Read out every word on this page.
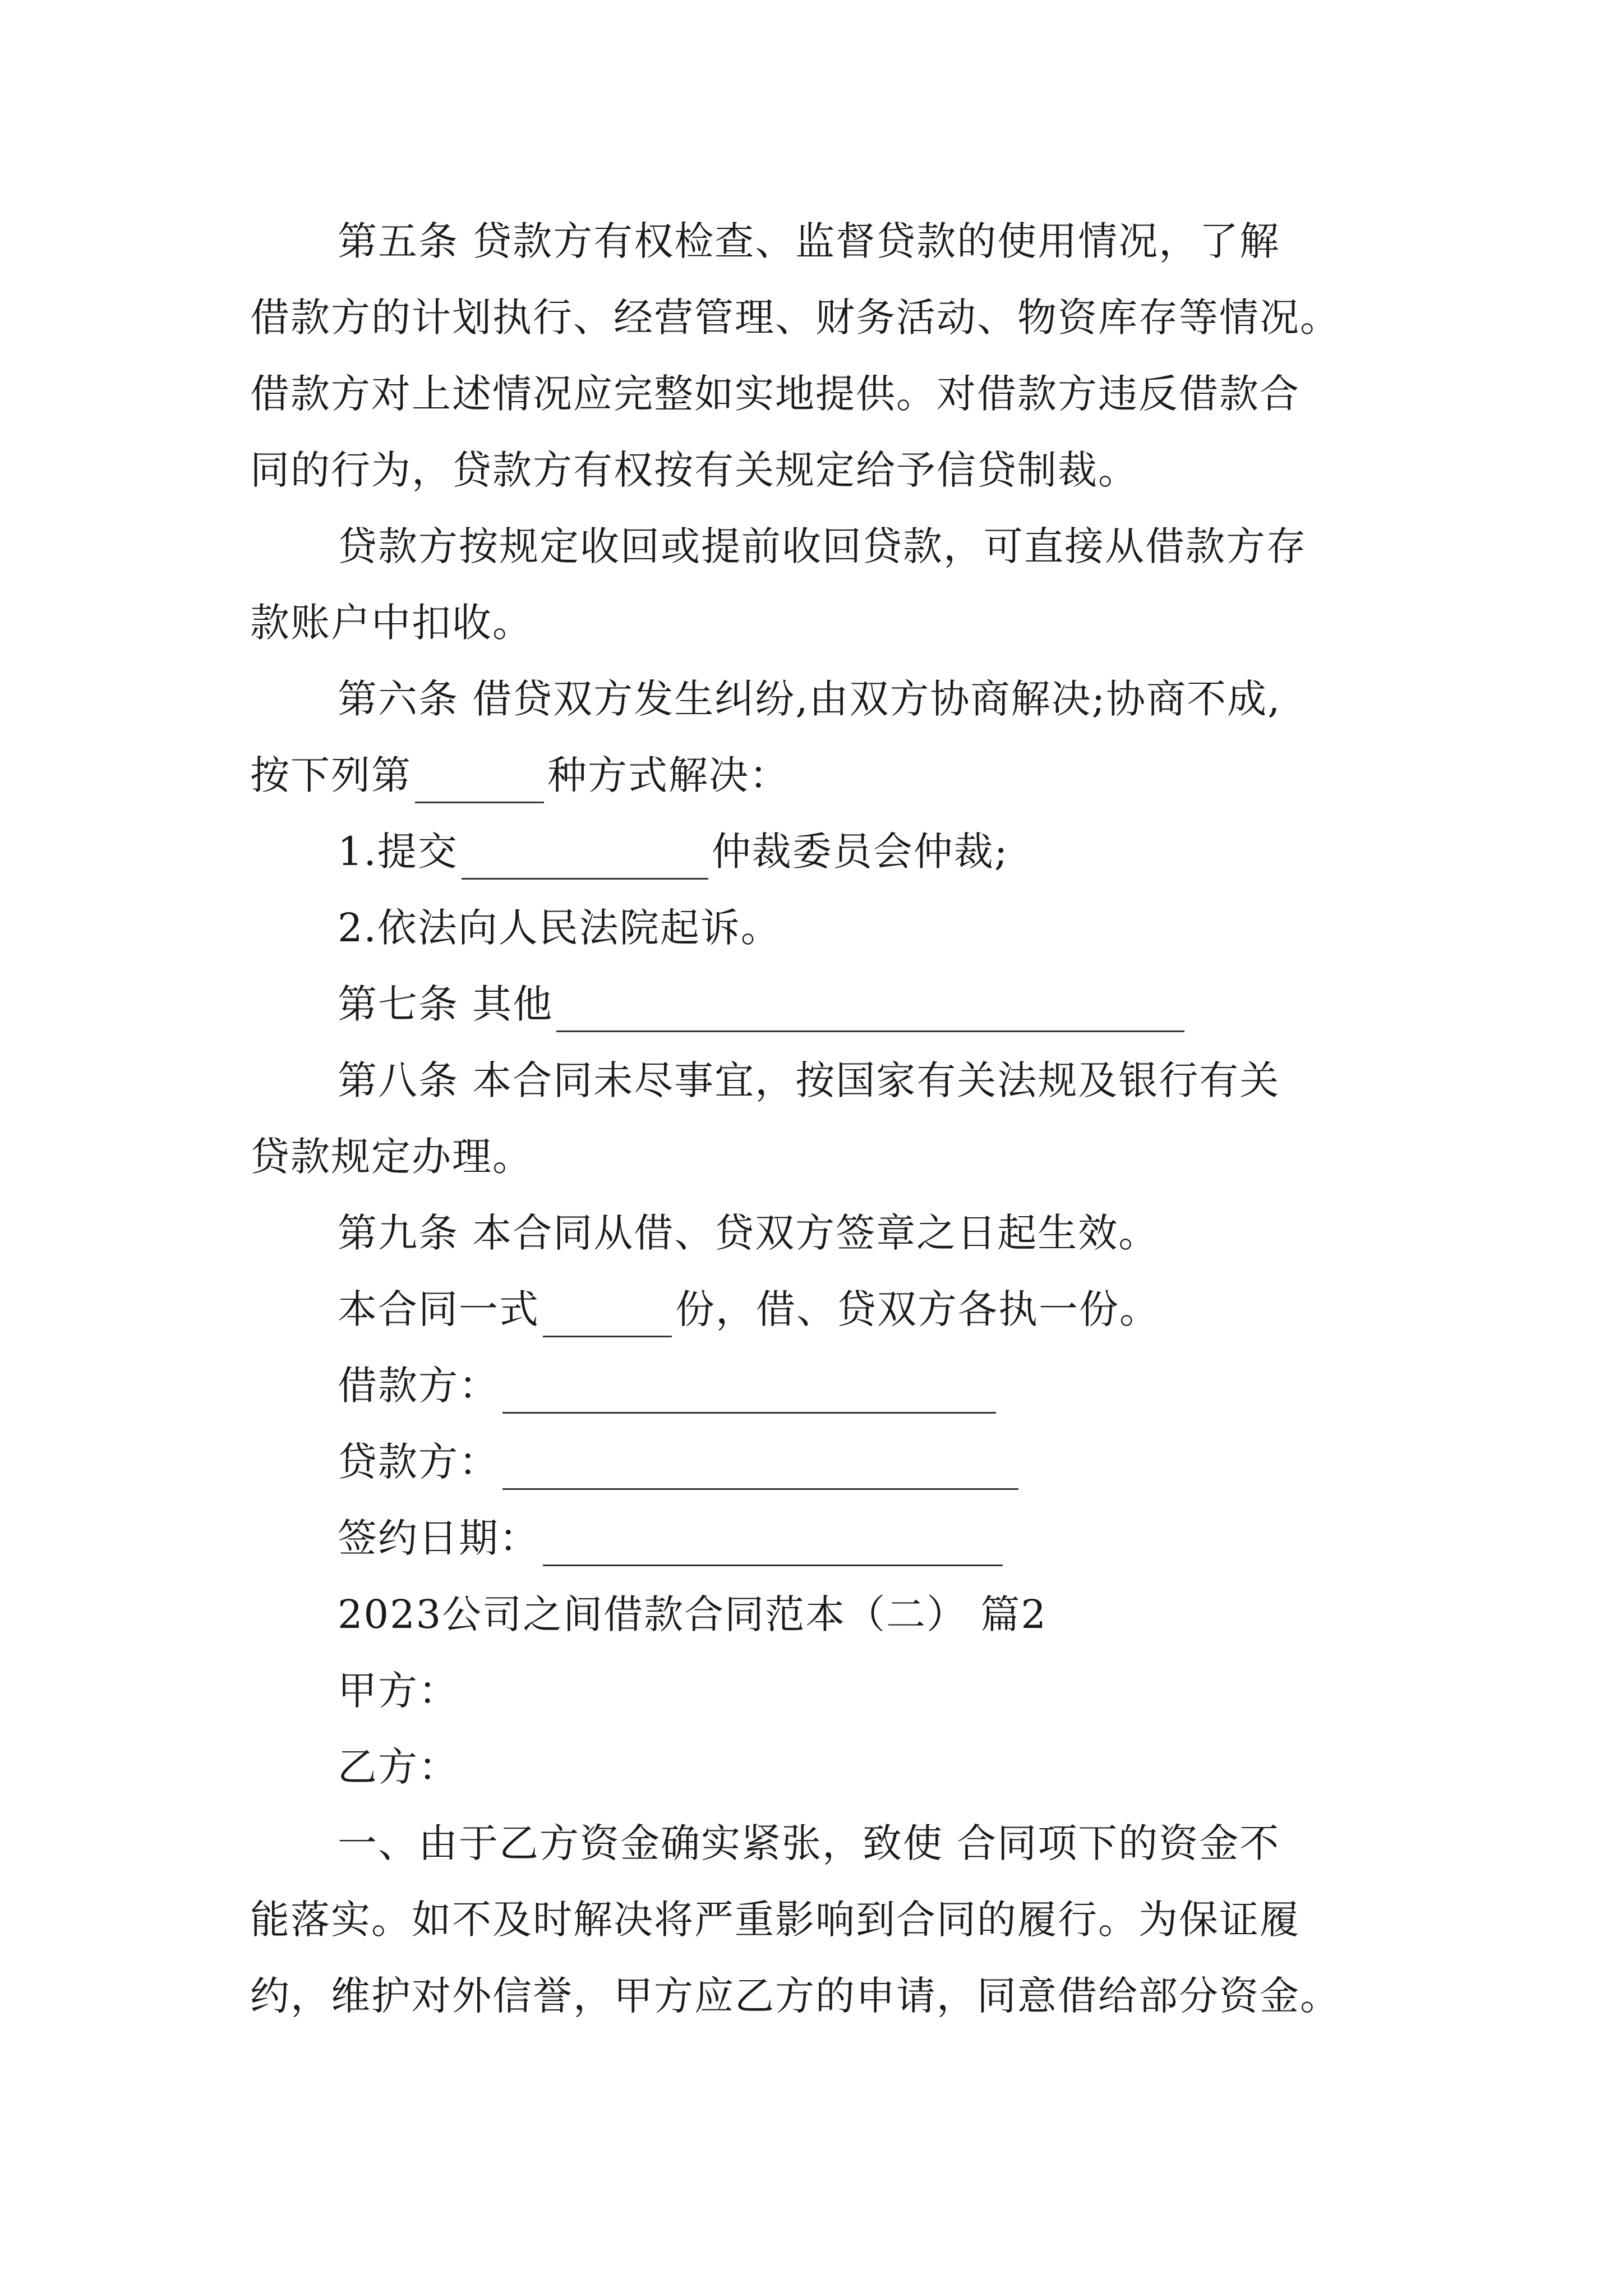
第五条 贷款方有权检查、监督贷款的使用情况，了解
借款方的计划执行、经营管理、财务活动、物资库存等情况。
借款方对上述情况应完整如实地提供。对借款方违反借款合
同的行为，贷款方有权按有关规定给予信贷制裁。
贷款方按规定收回或提前收回贷款，可直接从借款方存
款账户中扣收。
第六条 借贷双方发生纠纷,由双方协商解决;协商不成,
按下列第	种方式解决：
1.提交	仲裁委员会仲裁;
2.依法向人民法院起诉。
第七条 其他
第八条 本合同未尽事宜，按国家有关法规及银行有关
贷款规定办理。
第九条 本合同从借、贷双方签章之日起生效。
本合同一式	份，借、贷双方各执一份。
借款方：
贷款方：
签约日期：
2023公司之间借款合同范本（二） 篇2
甲方：
乙方：
一、由于乙方资金确实紧张，致使 合同项下的资金不
能落实。如不及时解决将严重影响到合同的履行。为保证履
约，维护对外信誉，甲方应乙方的申请，同意借给部分资金。
